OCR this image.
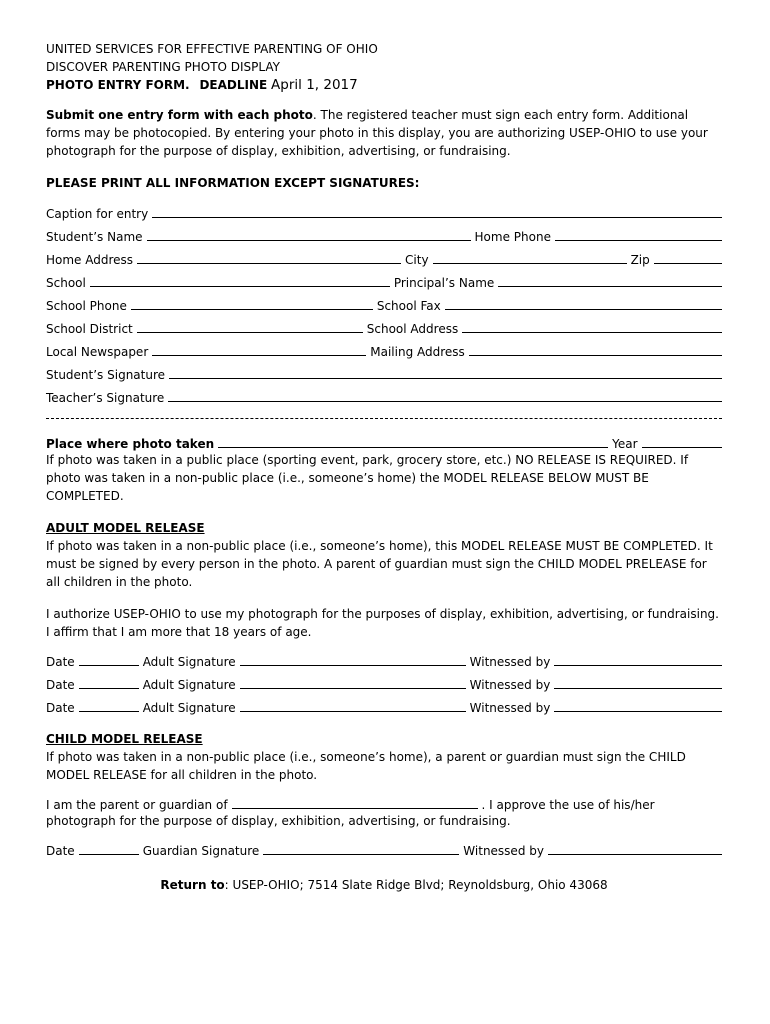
UNITED SERVICES FOR EFFECTIVE PARENTING OF OHIO
DISCOVER PARENTING PHOTO DISPLAY
PHOTO ENTRY FORM. DEADLINE April 1, 2017
Submit one entry form with each photo. The registered teacher must sign each entry form. Additional forms may be photocopied. By entering your photo in this display, you are authorizing USEP-OHIO to use your photograph for the purpose of display, exhibition, advertising, or fundraising.
PLEASE PRINT ALL INFORMATION EXCEPT SIGNATURES:
Caption for entry
Student’s Name	Home Phone
Home Address	City	Zip
School	Principal’s Name
School Phone	School Fax
School District	School Address
Local Newspaper	Mailing Address
Student’s Signature
Teacher’s Signature
Place where photo taken	Year
If photo was taken in a public place (sporting event, park, grocery store, etc.) NO RELEASE IS REQUIRED. If photo was taken in a non-public place (i.e., someone’s home) the MODEL RELEASE BELOW MUST BE COMPLETED.
ADULT MODEL RELEASE
If photo was taken in a non-public place (i.e., someone’s home), this MODEL RELEASE MUST BE COMPLETED. It must be signed by every person in the photo. A parent of guardian must sign the CHILD MODEL PRELEASE for all children in the photo.
I authorize USEP-OHIO to use my photograph for the purposes of display, exhibition, advertising, or fundraising.
I affirm that I am more that 18 years of age.
Date	Adult Signature	Witnessed by
Date	Adult Signature	Witnessed by
Date	Adult Signature	Witnessed by
CHILD MODEL RELEASE
If photo was taken in a non-public place (i.e., someone’s home), a parent or guardian must sign the CHILD MODEL RELEASE for all children in the photo.
I am the parent or guardian of	. I approve the use of his/her
photograph for the purpose of display, exhibition, advertising, or fundraising.
Date	Guardian Signature	Witnessed by
Return to: USEP-OHIO; 7514 Slate Ridge Blvd; Reynoldsburg, Ohio 43068
